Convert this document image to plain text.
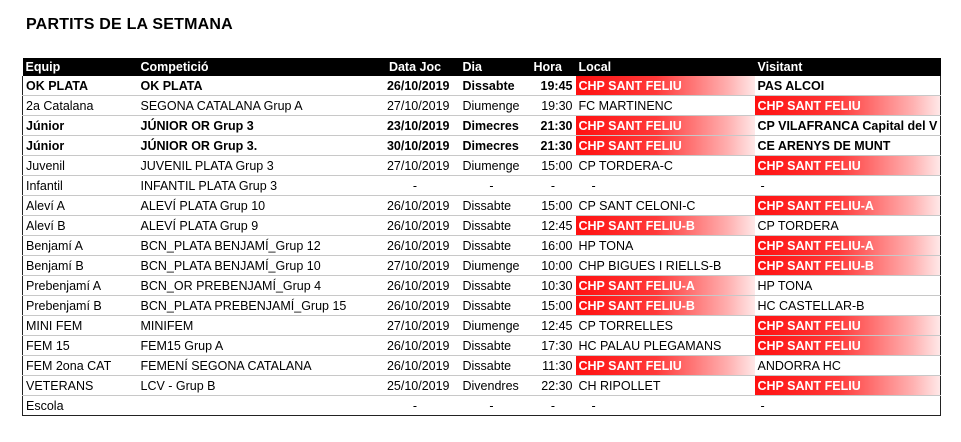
PARTITS DE LA SETMANA
Equip	Competició	Data Joc	Dia	Hora	Local	Visitant
OK PLATA	OK PLATA	26/10/2019	Dissabte	19:45	CHP SANT FELIU	PAS ALCOI
2a Catalana	SEGONA CATALANA Grup A	27/10/2019	Diumenge	19:30	FC MARTINENC	CHP SANT FELIU
Júnior	JÚNIOR OR Grup 3	23/10/2019	Dimecres	21:30	CHP SANT FELIU	CP VILAFRANCA Capital del V
Júnior	JÚNIOR OR Grup 3.	30/10/2019	Dimecres	21:30	CHP SANT FELIU	CE ARENYS DE MUNT
Juvenil	JUVENIL PLATA Grup 3	27/10/2019	Diumenge	15:00	CP TORDERA-C	CHP SANT FELIU
Infantil	INFANTIL PLATA Grup 3	-	-	-	-	-
Aleví A	ALEVÍ PLATA Grup 10	26/10/2019	Dissabte	15:00	CP SANT CELONI-C	CHP SANT FELIU-A
Aleví B	ALEVÍ PLATA Grup 9	26/10/2019	Dissabte	12:45	CHP SANT FELIU-B	CP TORDERA
Benjamí A	BCN_PLATA BENJAMÍ_Grup 12	26/10/2019	Dissabte	16:00	HP TONA	CHP SANT FELIU-A
Benjamí B	BCN_PLATA BENJAMÍ_Grup 10	27/10/2019	Diumenge	10:00	CHP BIGUES I RIELLS-B	CHP SANT FELIU-B
Prebenjamí A	BCN_OR PREBENJAMÍ_Grup 4	26/10/2019	Dissabte	10:30	CHP SANT FELIU-A	HP TONA
Prebenjamí B	BCN_PLATA PREBENJAMÍ_Grup 15	26/10/2019	Dissabte	15:00	CHP SANT FELIU-B	HC CASTELLAR-B
MINI FEM	MINIFEM	27/10/2019	Diumenge	12:45	CP TORRELLES	CHP SANT FELIU
FEM 15	FEM15 Grup A	26/10/2019	Dissabte	17:30	HC PALAU PLEGAMANS	CHP SANT FELIU
FEM 2ona CAT	FEMENÍ SEGONA CATALANA	26/10/2019	Dissabte	11:30	CHP SANT FELIU	ANDORRA HC
VETERANS	LCV - Grup B	25/10/2019	Divendres	22:30	CH RIPOLLET	CHP SANT FELIU
Escola		-	-	-	-	-
